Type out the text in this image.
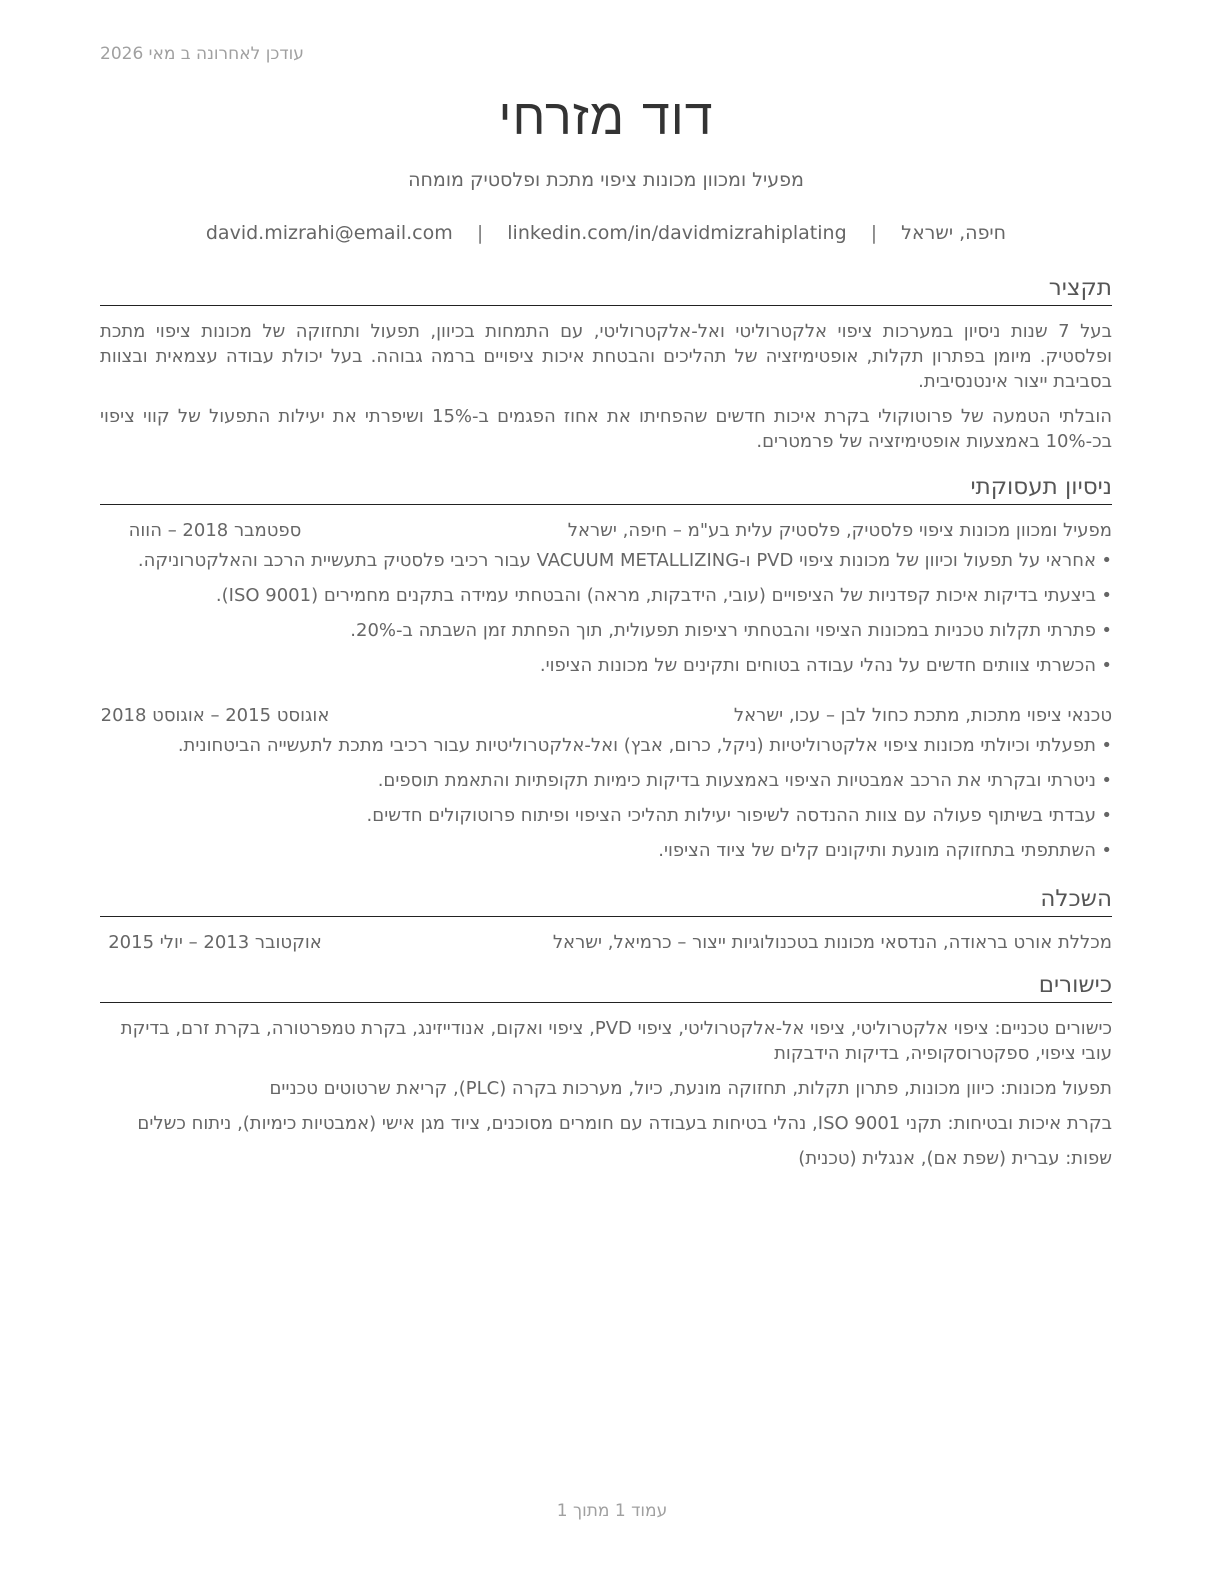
עודכן לאחרונה ב מאי 2026
דוד מזרחי
מפעיל ומכוון מכונות ציפוי מתכת ופלסטיק מומחה
חיפה, ישראל | david.mizrahi@email.com | linkedin.com/in/davidmizrahiplating
תקציר

בעל 7 שנות ניסיון במערכות ציפוי אלקטרוליטי ואל-אלקטרוליטי, עם התמחות בכיוון, תפעול ותחזוקה של מכונות ציפוי מתכת ופלסטיק. מיומן בפתרון תקלות, אופטימיזציה של תהליכים והבטחת איכות ציפויים ברמה גבוהה. בעל יכולת עבודה עצמאית ובצוות בסביבת ייצור אינטנסיבית.

הובלתי הטמעה של פרוטוקולי בקרת איכות חדשים שהפחיתו את אחוז הפגמים ב-15% ושיפרתי את יעילות התפעול של קווי ציפוי בכ-10% באמצעות אופטימיזציה של פרמטרים.

ניסיון תעסוקתי
מפעיל ומכוון מכונות ציפוי פלסטיק, פלסטיק עלית בע"מ – חיפה, ישראל
ספטמבר 2018 – הווה
• אחראי על תפעול וכיוון של מכונות ציפוי PVD ו-VACUUM METALLIZING עבור רכיבי פלסטיק בתעשיית הרכב והאלקטרוניקה.
• ביצעתי בדיקות איכות קפדניות של הציפויים (עובי, הידבקות, מראה) והבטחתי עמידה בתקנים מחמירים (ISO 9001).
• פתרתי תקלות טכניות במכונות הציפוי והבטחתי רציפות תפעולית, תוך הפחתת זמן השבתה ב-20%.
• הכשרתי צוותים חדשים על נהלי עבודה בטוחים ותקינים של מכונות הציפוי.
טכנאי ציפוי מתכות, מתכת כחול לבן – עכו, ישראל
אוגוסט 2015 – אוגוסט 2018
• תפעלתי וכיולתי מכונות ציפוי אלקטרוליטיות (ניקל, כרום, אבץ) ואל-אלקטרוליטיות עבור רכיבי מתכת לתעשייה הביטחונית.
• ניטרתי ובקרתי את הרכב אמבטיות הציפוי באמצעות בדיקות כימיות תקופתיות והתאמת תוספים.
• עבדתי בשיתוף פעולה עם צוות ההנדסה לשיפור יעילות תהליכי הציפוי ופיתוח פרוטוקולים חדשים.
• השתתפתי בתחזוקה מונעת ותיקונים קלים של ציוד הציפוי.
השכלה
מכללת אורט בראודה, הנדסאי מכונות בטכנולוגיות ייצור – כרמיאל, ישראל
אוקטובר 2013 – יולי 2015
כישורים

כישורים טכניים: ציפוי אלקטרוליטי, ציפוי אל-אלקטרוליטי, ציפוי PVD, ציפוי ואקום, אנודייזינג, בקרת טמפרטורה, בקרת זרם, בדיקת עובי ציפוי, ספקטרוסקופיה, בדיקות הידבקות

תפעול מכונות: כיוון מכונות, פתרון תקלות, תחזוקה מונעת, כיול, מערכות בקרה (PLC), קריאת שרטוטים טכניים

בקרת איכות ובטיחות: תקני ISO 9001, נהלי בטיחות בעבודה עם חומרים מסוכנים, ציוד מגן אישי (אמבטיות כימיות), ניתוח כשלים

שפות: עברית (שפת אם), אנגלית (טכנית)

עמוד 1 מתוך 1
